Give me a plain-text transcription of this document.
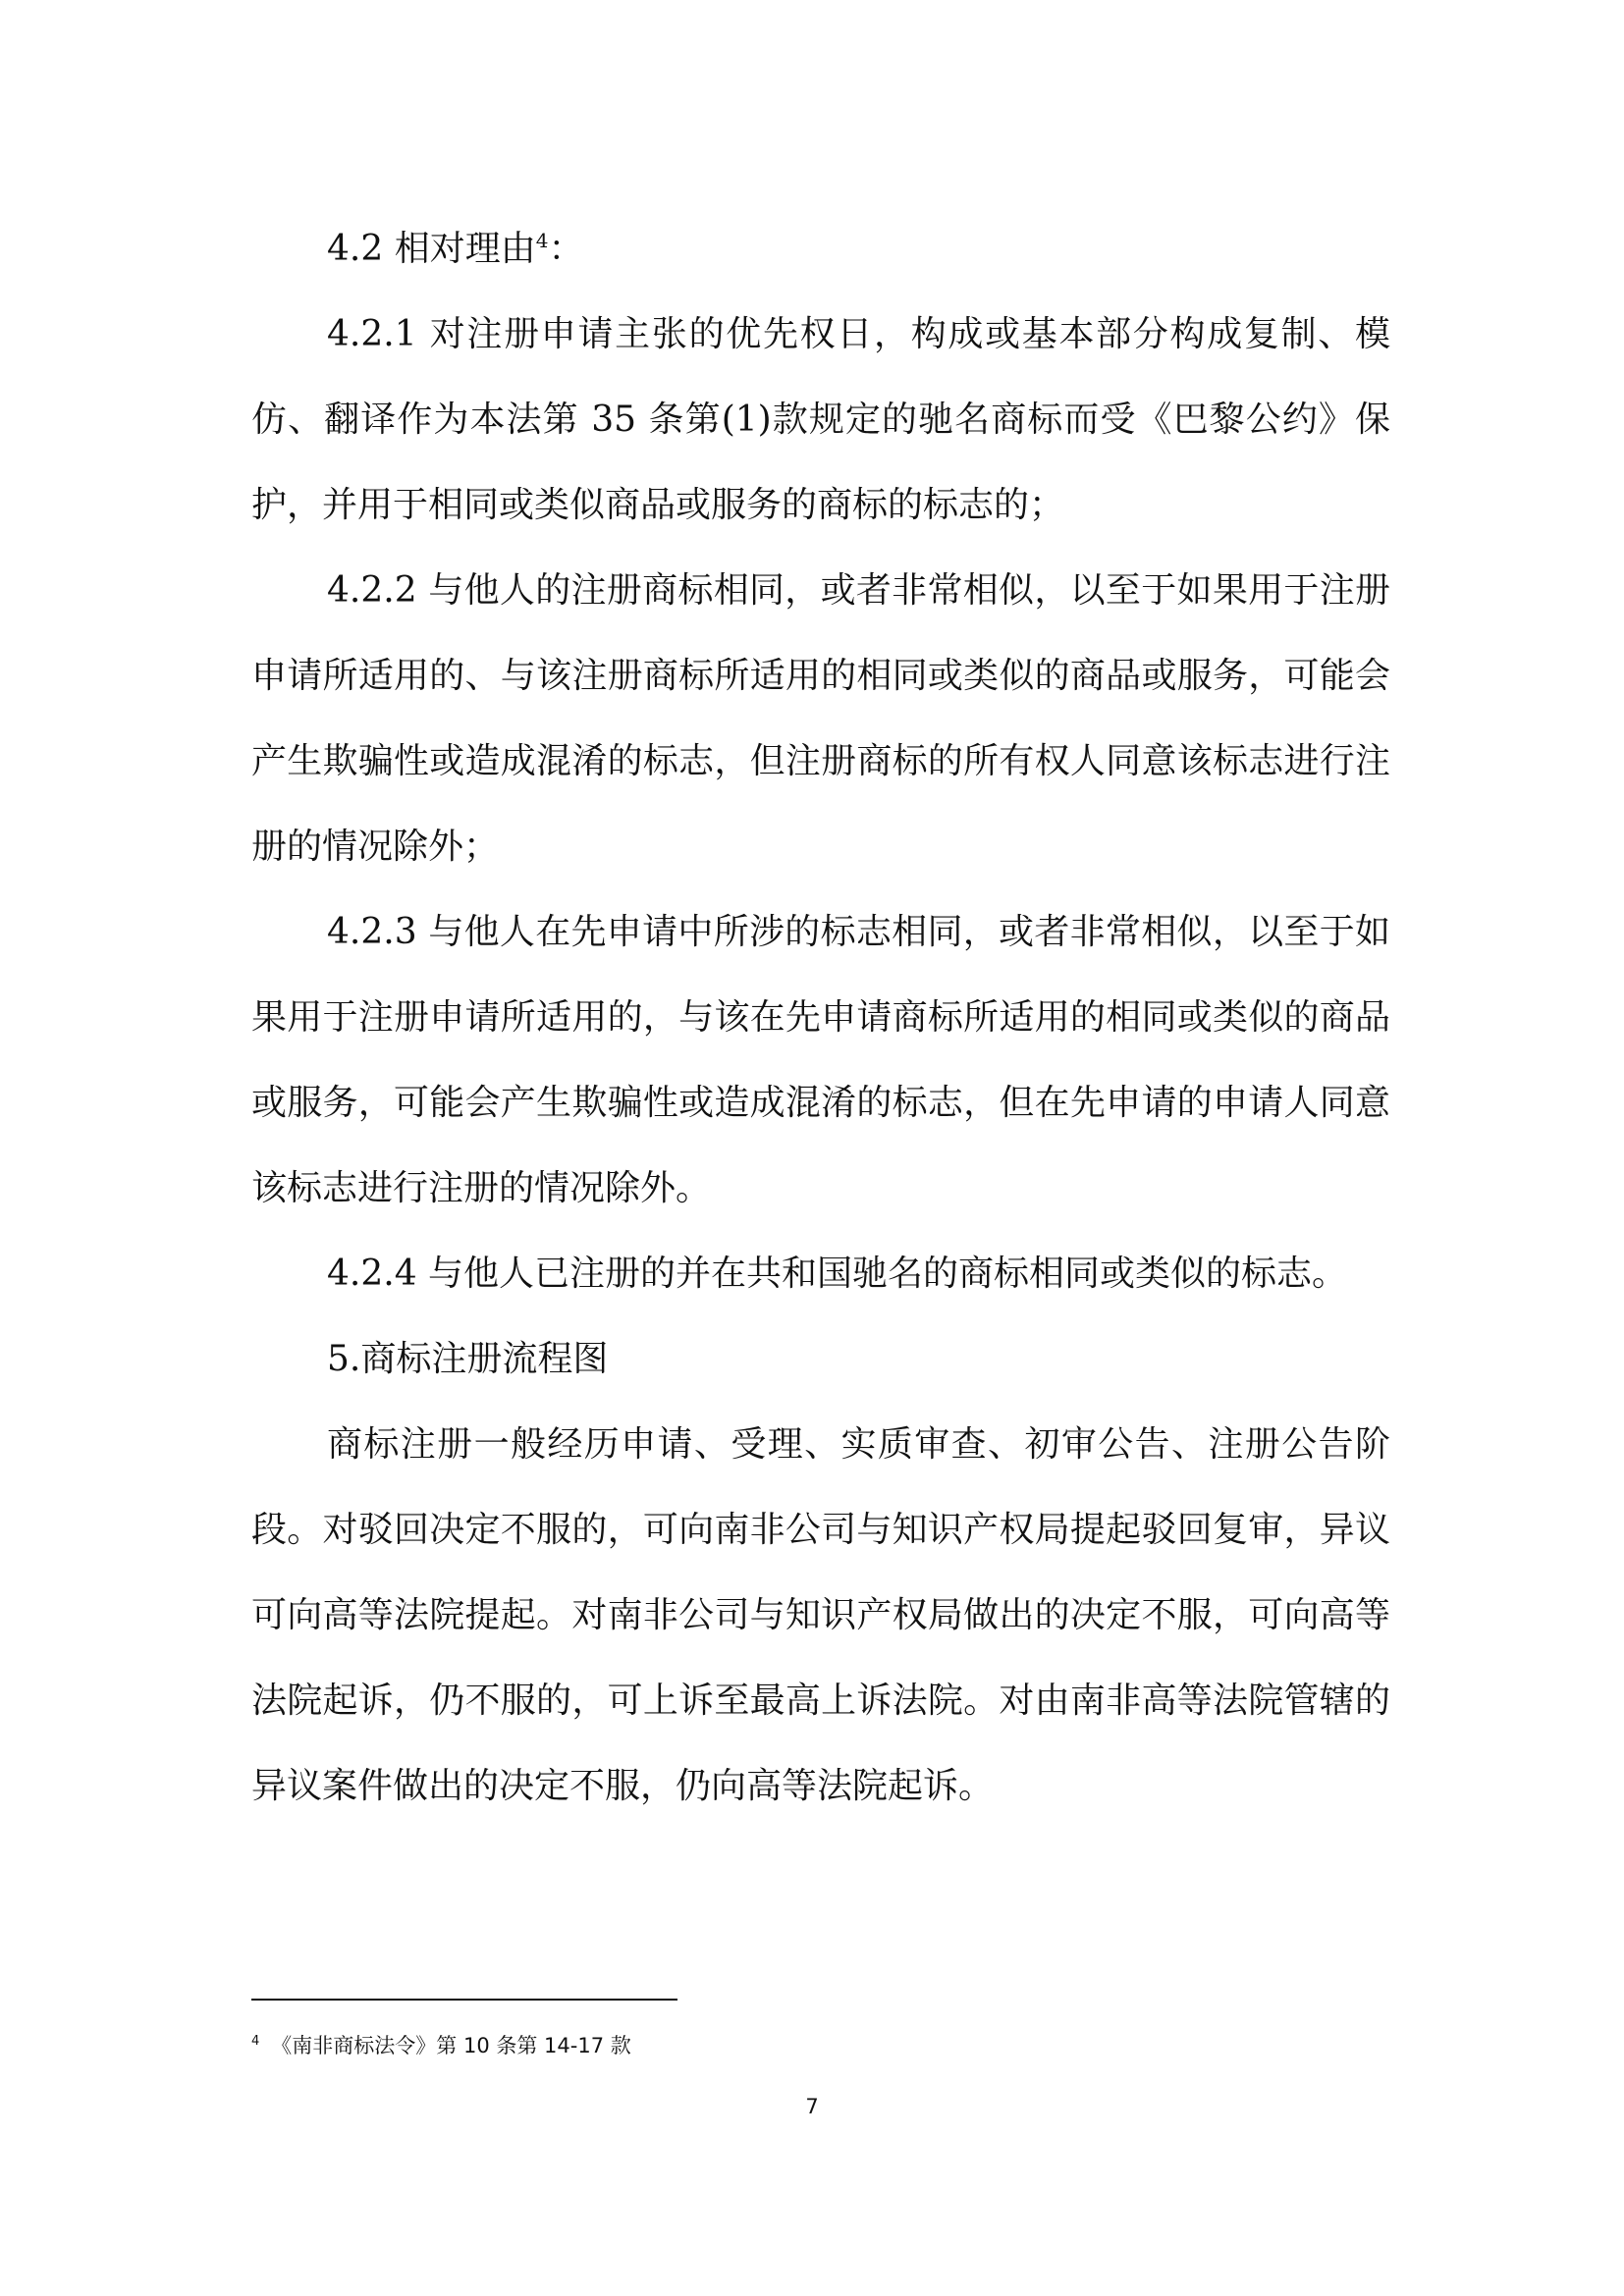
4.2 相对理由$^4$：

4.2.1 对注册申请主张的优先权日，构成或基本部分构成复制、模仿、翻译作为本法第 35 条第(1)款规定的驰名商标而受《巴黎公约》保护，并用于相同或类似商品或服务的商标的标志的；

4.2.2 与他人的注册商标相同，或者非常相似，以至于如果用于注册申请所适用的、与该注册商标所适用的相同或类似的商品或服务，可能会产生欺骗性或造成混淆的标志，但注册商标的所有权人同意该标志进行注册的情况除外；

4.2.3 与他人在先申请中所涉的标志相同，或者非常相似，以至于如果用于注册申请所适用的，与该在先申请商标所适用的相同或类似的商品或服务，可能会产生欺骗性或造成混淆的标志，但在先申请的申请人同意该标志进行注册的情况除外。

4.2.4 与他人已注册的并在共和国驰名的商标相同或类似的标志。

5.商标注册流程图

商标注册一般经历申请、受理、实质审查、初审公告、注册公告阶段。对驳回决定不服的，可向南非公司与知识产权局提起驳回复审，异议可向高等法院提起。对南非公司与知识产权局做出的决定不服，可向高等法院起诉，仍不服的，可上诉至最高上诉法院。对由南非高等法院管辖的异议案件做出的决定不服，仍向高等法院起诉。

$^4$ 《南非商标法令》第 10 条第 14-17 款
7
